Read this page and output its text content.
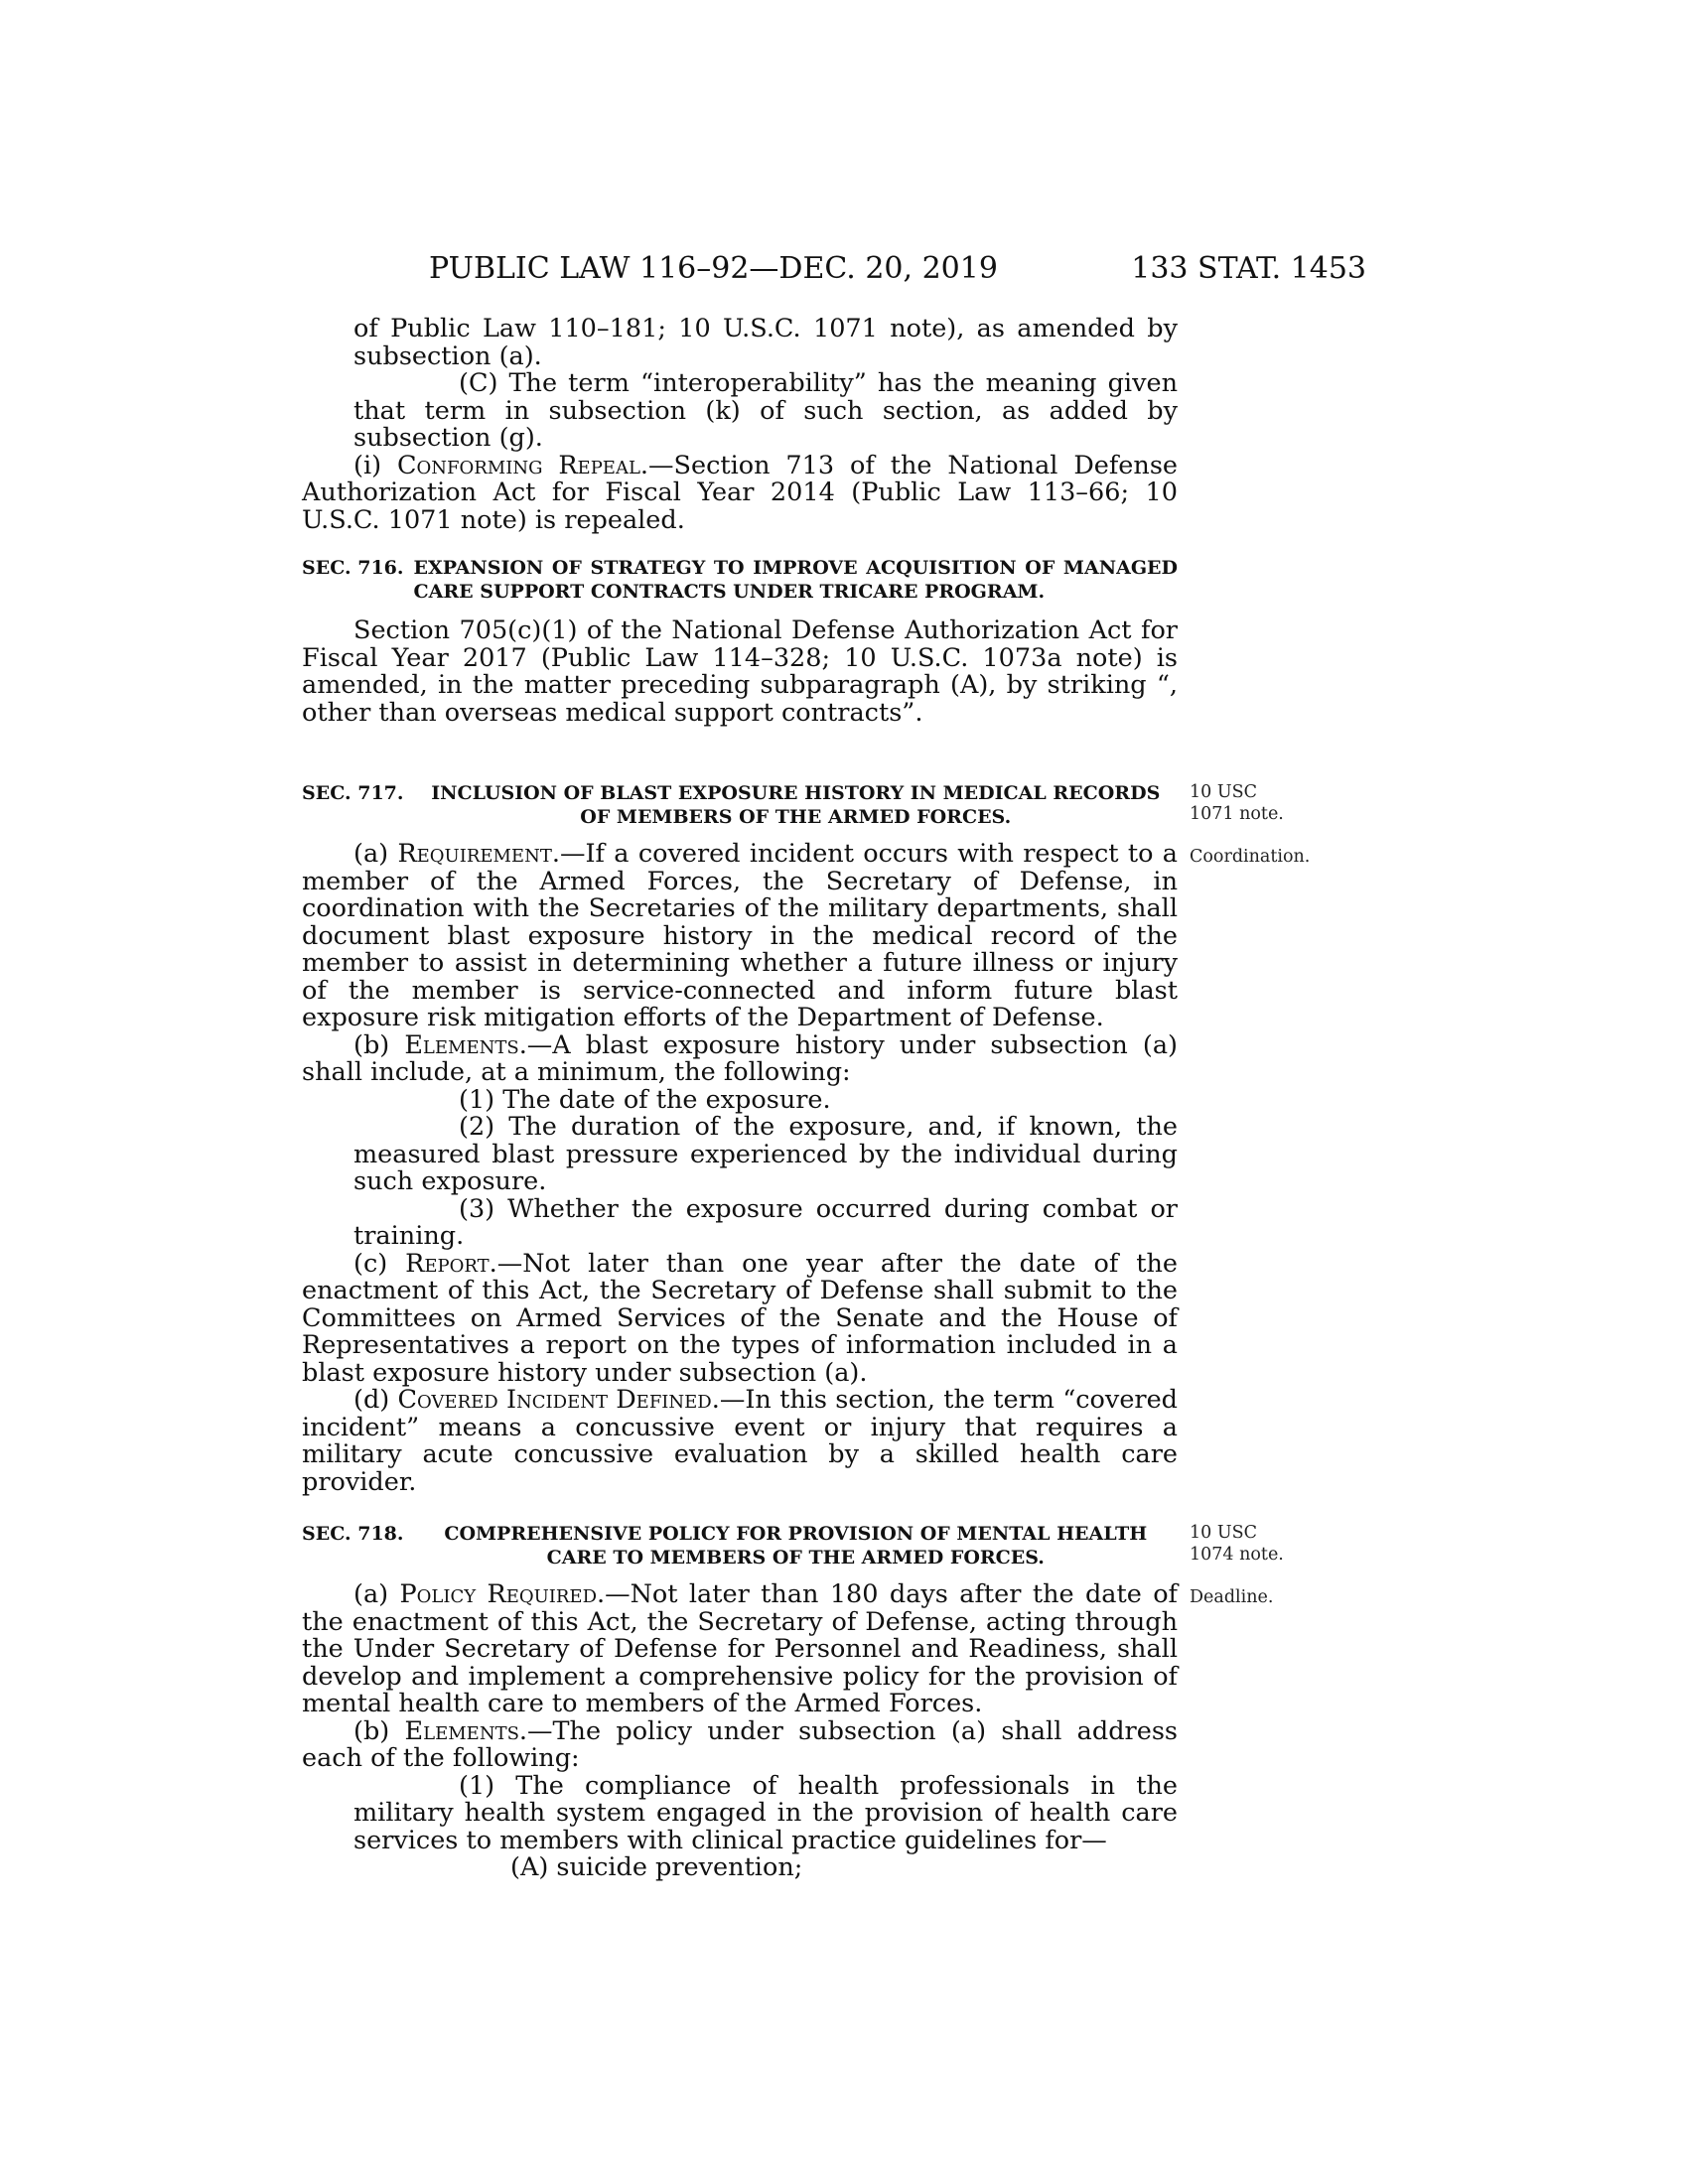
PUBLIC LAW 116–92—DEC. 20, 2019	133 STAT. 1453

of Public Law 110–181; 10 U.S.C. 1071 note), as amended by subsection (a).

(C) The term “interoperability” has the meaning given that term in subsection (k) of such section, as added by subsection (g).

(i) Conforming Repeal.—Section 713 of the National Defense Authorization Act for Fiscal Year 2014 (Public Law 113–66; 10 U.S.C. 1071 note) is repealed.

SEC. 716. EXPANSION OF STRATEGY TO IMPROVE ACQUISITION OF MANAGED CARE SUPPORT CONTRACTS UNDER TRICARE PROGRAM.

Section 705(c)(1) of the National Defense Authorization Act for Fiscal Year 2017 (Public Law 114–328; 10 U.S.C. 1073a note) is amended, in the matter preceding subparagraph (A), by striking “, other than overseas medical support contracts”.

SEC. 717.	INCLUSION OF BLAST EXPOSURE HISTORY IN MEDICAL RECORDS OF MEMBERS OF THE ARMED FORCES.

(a) Requirement.—If a covered incident occurs with respect to a member of the Armed Forces, the Secretary of Defense, in coordination with the Secretaries of the military departments, shall document blast exposure history in the medical record of the member to assist in determining whether a future illness or injury of the member is service-connected and inform future blast exposure risk mitigation efforts of the Department of Defense.

(b) Elements.—A blast exposure history under subsection (a) shall include, at a minimum, the following:

(1) The date of the exposure.

(2) The duration of the exposure, and, if known, the measured blast pressure experienced by the individual during such exposure.

(3) Whether the exposure occurred during combat or training.

(c) Report.—Not later than one year after the date of the enactment of this Act, the Secretary of Defense shall submit to the Committees on Armed Services of the Senate and the House of Representatives a report on the types of information included in a blast exposure history under subsection (a).

(d) Covered Incident Defined.—In this section, the term “covered incident” means a concussive event or injury that requires a military acute concussive evaluation by a skilled health care provider.

10 USC 1071 note.
Coordination.
SEC. 718.	COMPREHENSIVE POLICY FOR PROVISION OF MENTAL HEALTH CARE TO MEMBERS OF THE ARMED FORCES.

(a) Policy Required.—Not later than 180 days after the date of the enactment of this Act, the Secretary of Defense, acting through the Under Secretary of Defense for Personnel and Readiness, shall develop and implement a comprehensive policy for the provision of mental health care to members of the Armed Forces.

(b) Elements.—The policy under subsection (a) shall address each of the following:

(1) The compliance of health professionals in the military health system engaged in the provision of health care services to members with clinical practice guidelines for—

(A) suicide prevention;

10 USC 1074 note.
Deadline.
